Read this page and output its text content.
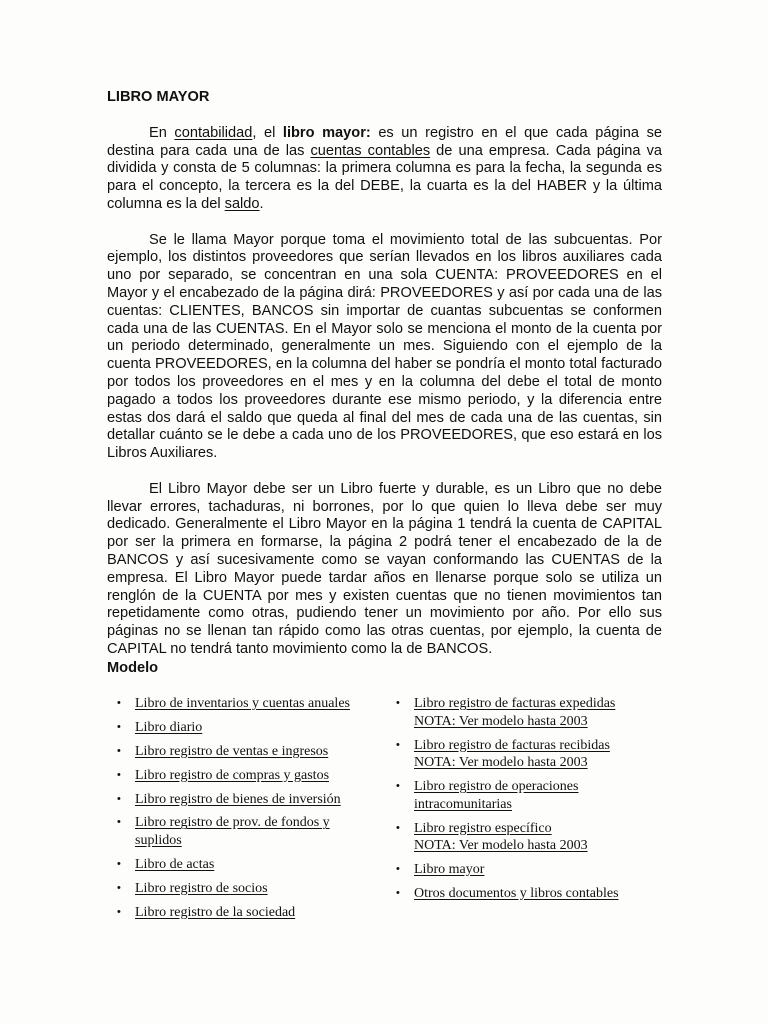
LIBRO MAYOR

En contabilidad, el libro mayor: es un registro en el que cada página se destina para cada una de las cuentas contables de una empresa. Cada página va dividida y consta de 5 columnas: la primera columna es para la fecha, la segunda es para el concepto, la tercera es la del DEBE, la cuarta es la del HABER y la última columna es la del saldo.

Se le llama Mayor porque toma el movimiento total de las subcuentas. Por ejemplo, los distintos proveedores que serían llevados en los libros auxiliares cada uno por separado, se concentran en una sola CUENTA: PROVEEDORES en el Mayor y el encabezado de la página dirá: PROVEEDORES y así por cada una de las cuentas: CLIENTES, BANCOS sin importar de cuantas subcuentas se conformen cada una de las CUENTAS. En el Mayor solo se menciona el monto de la cuenta por un periodo determinado, generalmente un mes. Siguiendo con el ejemplo de la cuenta PROVEEDORES, en la columna del haber se pondría el monto total facturado por todos los proveedores en el mes y en la columna del debe el total de monto pagado a todos los proveedores durante ese mismo periodo, y la diferencia entre estas dos dará el saldo que queda al final del mes de cada una de las cuentas, sin detallar cuánto se le debe a cada uno de los PROVEEDORES, que eso estará en los Libros Auxiliares.

El Libro Mayor debe ser un Libro fuerte y durable, es un Libro que no debe llevar errores, tachaduras, ni borrones, por lo que quien lo lleva debe ser muy dedicado. Generalmente el Libro Mayor en la página 1 tendrá la cuenta de CAPITAL por ser la primera en formarse, la página 2 podrá tener el encabezado de la de BANCOS y así sucesivamente como se vayan conformando las CUENTAS de la empresa. El Libro Mayor puede tardar años en llenarse porque solo se utiliza un renglón de la CUENTA por mes y existen cuentas que no tienen movimientos tan repetidamente como otras, pudiendo tener un movimiento por año. Por ello sus páginas no se llenan tan rápido como las otras cuentas, por ejemplo, la cuenta de CAPITAL no tendrá tanto movimiento como la de BANCOS.

Modelo
• Libro de inventarios y cuentas anuales
• Libro diario
• Libro registro de ventas e ingresos
• Libro registro de compras y gastos
• Libro registro de bienes de inversión
• Libro registro de prov. de fondos y
suplidos
• Libro de actas
• Libro registro de socios
• Libro registro de la sociedad
• Libro registro de facturas expedidas
NOTA: Ver modelo hasta 2003
• Libro registro de facturas recibidas
NOTA: Ver modelo hasta 2003
• Libro registro de operaciones
intracomunitarias
• Libro registro específico
NOTA: Ver modelo hasta 2003
• Libro mayor
• Otros documentos y libros contables
